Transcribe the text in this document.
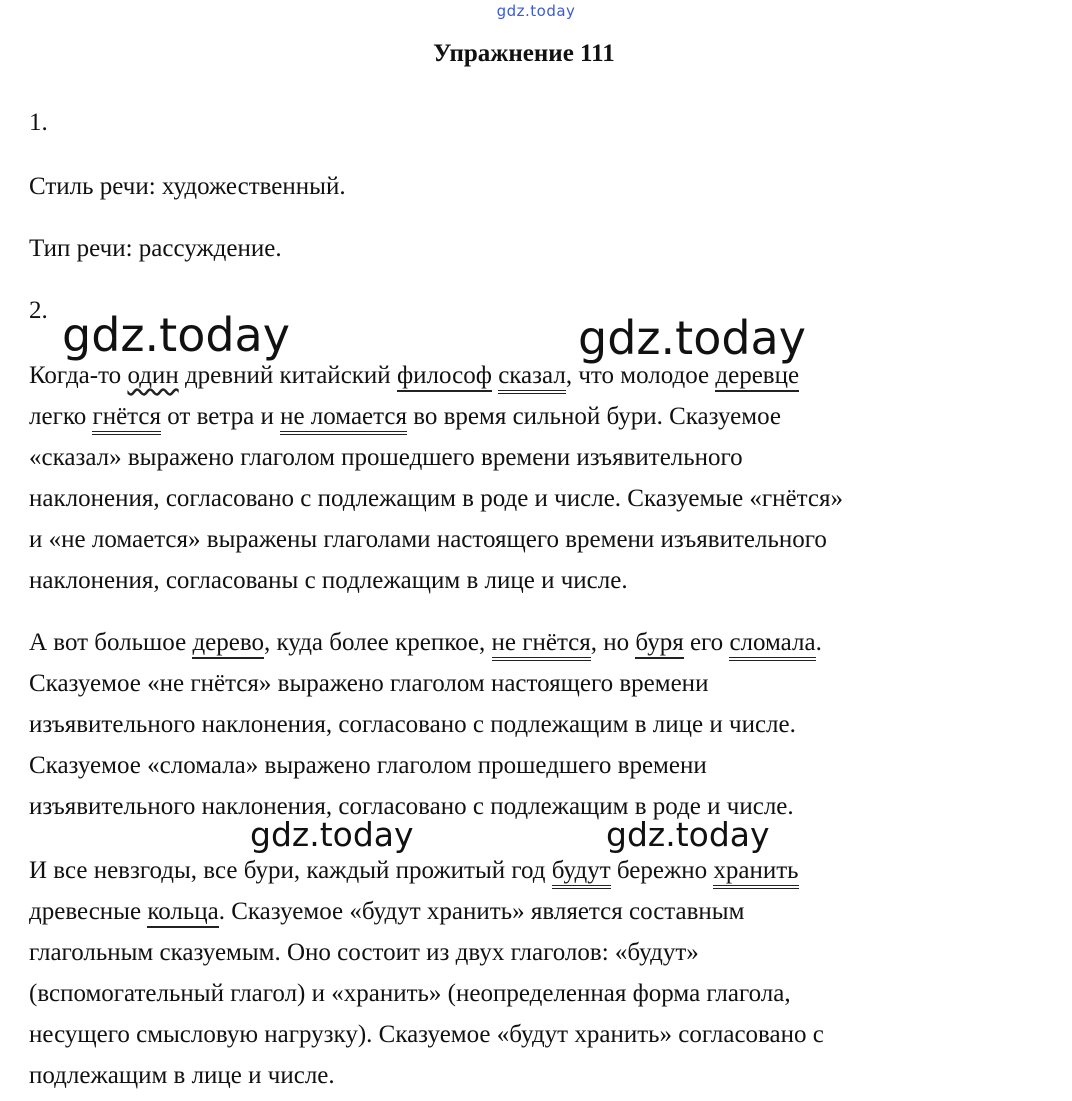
gdz.today
gdz.today	gdz.today
gdz.today	gdz.today
Упражнение 111
1.
Стиль речи: художественный.
Тип речи: рассуждение.
2.
Когда-то один древний китайский философ сказал, что молодое деревце
легко гнётся от ветра и не ломается во время сильной бури. Сказуемое
«сказал» выражено глаголом прошедшего времени изъявительного
наклонения, согласовано с подлежащим в роде и числе. Сказуемые «гнётся»
и «не ломается» выражены глаголами настоящего времени изъявительного
наклонения, согласованы с подлежащим в лице и числе.
А вот большое дерево, куда более крепкое, не гнётся, но буря его сломала.
Сказуемое «не гнётся» выражено глаголом настоящего времени
изъявительного наклонения, согласовано с подлежащим в лице и числе.
Сказуемое «сломала» выражено глаголом прошедшего времени
изъявительного наклонения, согласовано с подлежащим в роде и числе.
И все невзгоды, все бури, каждый прожитый год будут бережно хранить
древесные кольца. Сказуемое «будут хранить» является составным
глагольным сказуемым. Оно состоит из двух глаголов: «будут»
(вспомогательный глагол) и «хранить» (неопределенная форма глагола,
несущего смысловую нагрузку). Сказуемое «будут хранить» согласовано с
подлежащим в лице и числе.
